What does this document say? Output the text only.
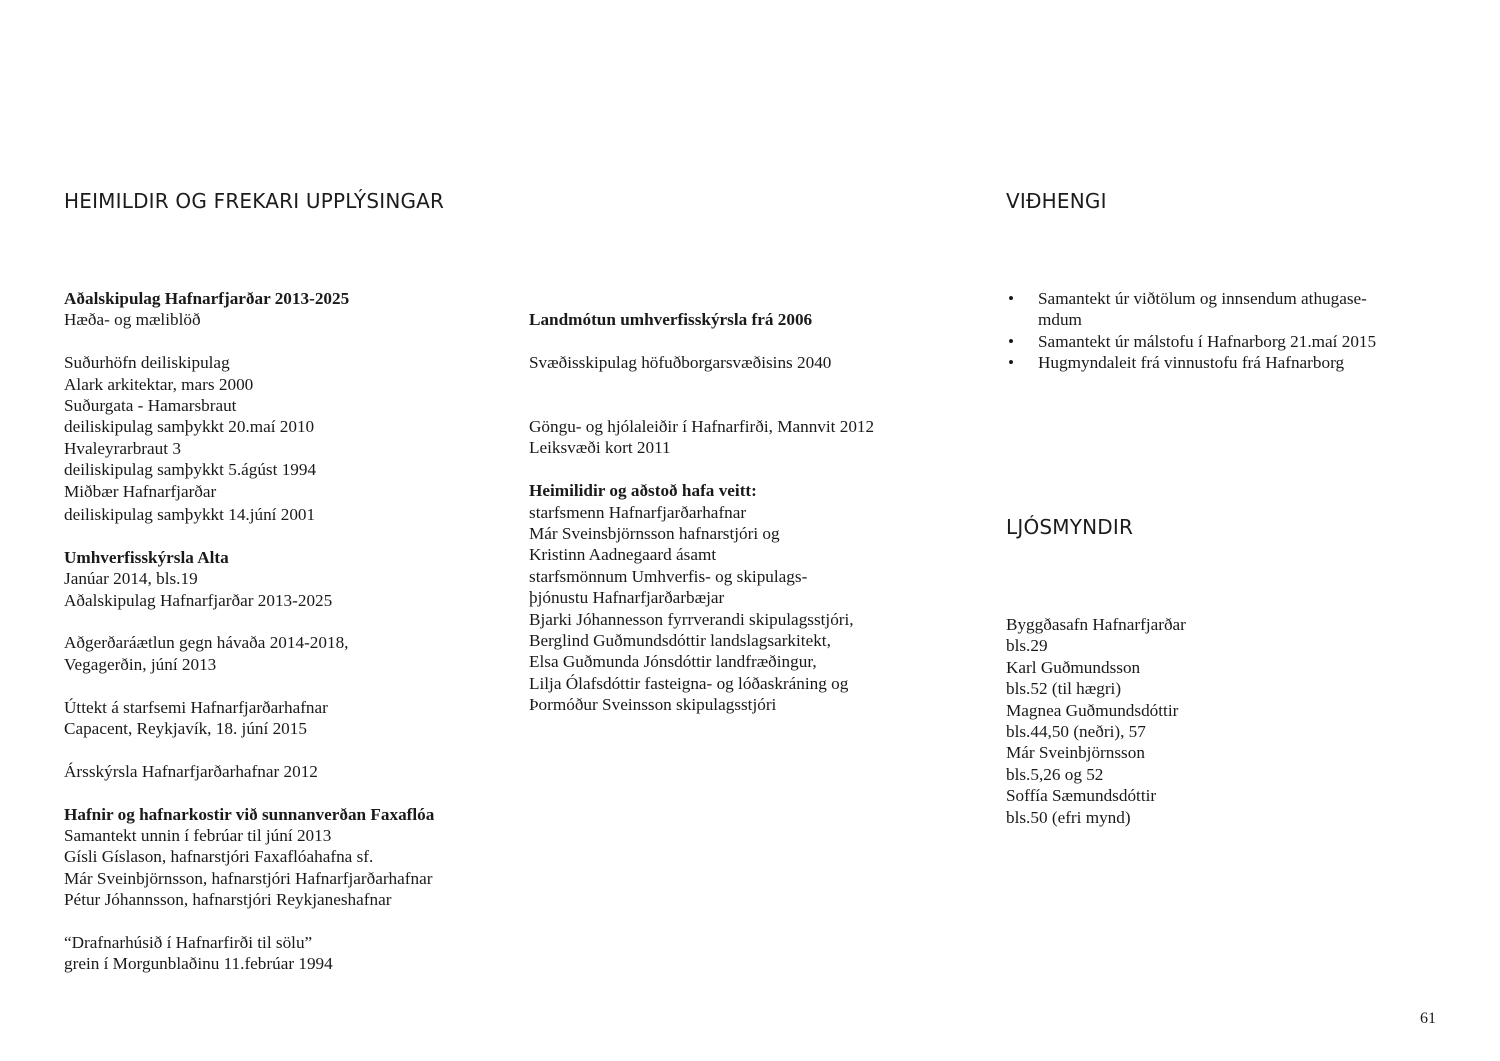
HEIMILDIR OG FREKARI UPPLÝSINGAR	VIÐHENGI
LJÓSMYNDIR
Aðalskipulag Hafnarfjarðar 2013-2025
Hæða- og mæliblöð
Suðurhöfn deiliskipulag
Alark arkitektar, mars 2000
Suðurgata - Hamarsbraut
deiliskipulag samþykkt 20.maí 2010
Hvaleyrarbraut 3
deiliskipulag samþykkt 5.ágúst 1994
Miðbær Hafnarfjarðar
deiliskipulag samþykkt 14.júní 2001
Umhverfisskýrsla Alta
Janúar 2014, bls.19
Aðalskipulag Hafnarfjarðar 2013-2025
Aðgerðaráætlun gegn hávaða 2014-2018,
Vegagerðin, júní 2013
Úttekt á starfsemi Hafnarfjarðarhafnar
Capacent, Reykjavík, 18. júní 2015
Ársskýrsla Hafnarfjarðarhafnar 2012
Hafnir og hafnarkostir við sunnanverðan Faxaflóa
Samantekt unnin í febrúar til júní 2013
Gísli Gíslason, hafnarstjóri Faxaflóahafna sf.
Már Sveinbjörnsson, hafnarstjóri Hafnarfjarðarhafnar
Pétur Jóhannsson, hafnarstjóri Reykjaneshafnar
“Drafnarhúsið í Hafnarfirði til sölu”
grein í Morgunblaðinu 11.febrúar 1994
Landmótun umhverfisskýrsla frá 2006
Svæðisskipulag höfuðborgarsvæðisins 2040
Göngu- og hjólaleiðir í Hafnarfirði, Mannvit 2012
Leiksvæði kort 2011
Heimilidir og aðstoð hafa veitt:
starfsmenn Hafnarfjarðarhafnar
Már Sveinsbjörnsson hafnarstjóri og
Kristinn Aadnegaard ásamt
starfsmönnum Umhverfis- og skipulags-
þjónustu Hafnarfjarðarbæjar
Bjarki Jóhannesson fyrrverandi skipulagsstjóri,
Berglind Guðmundsdóttir landslagsarkitekt,
Elsa Guðmunda Jónsdóttir landfræðingur,
Lilja Ólafsdóttir fasteigna- og lóðaskráning og
Þormóður Sveinsson skipulagsstjóri
• Samantekt úr viðtölum og innsendum athugase-
mdum
• Samantekt úr málstofu í Hafnarborg 21.maí 2015
• Hugmyndaleit frá vinnustofu frá Hafnarborg
Byggðasafn Hafnarfjarðar
bls.29
Karl Guðmundsson
bls.52 (til hægri)
Magnea Guðmundsdóttir
bls.44,50 (neðri), 57
Már Sveinbjörnsson
bls.5,26 og 52
Soffía Sæmundsdóttir
bls.50 (efri mynd)
61
